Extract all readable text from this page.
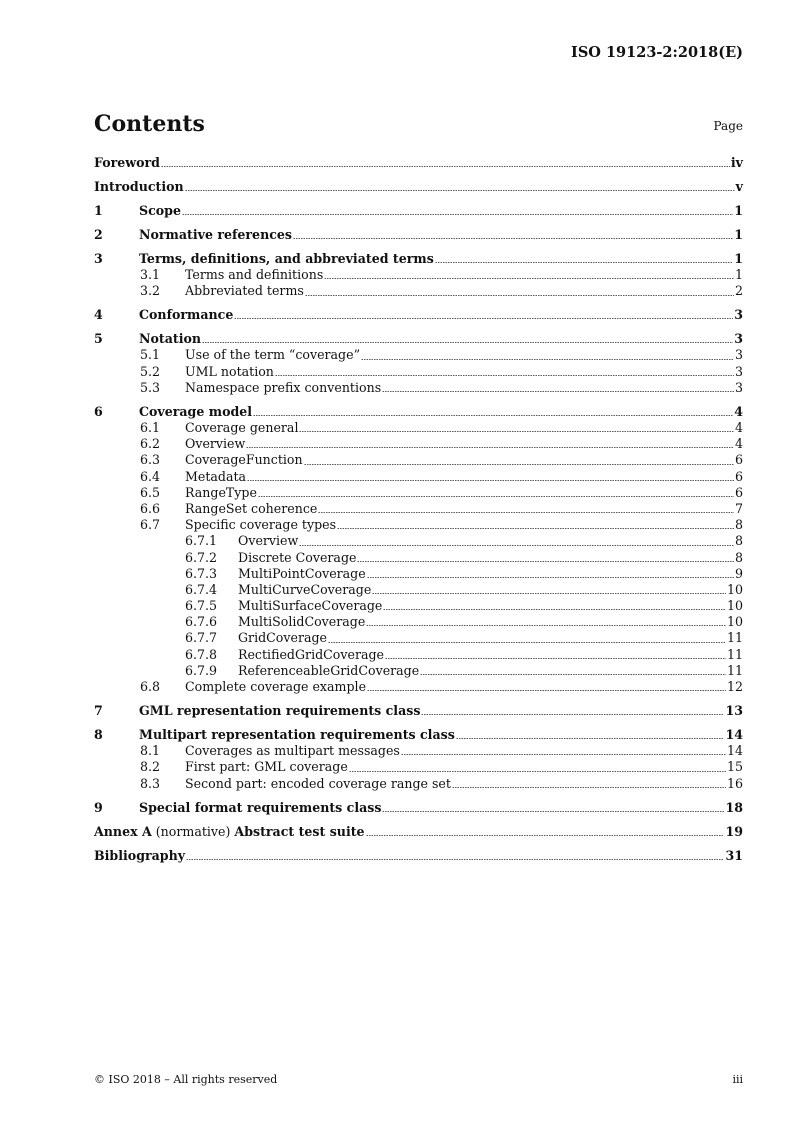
ISO 19123-2:2018(E)
Contents	Page
Foreword	iv
Introduction	v
1	Scope	1
2	Normative references	1
3	Terms, definitions, and abbreviated terms	1
3.1	Terms and definitions	1
3.2	Abbreviated terms	2
4	Conformance	3
5	Notation	3
5.1	Use of the term “coverage”	3
5.2	UML notation	3
5.3	Namespace prefix conventions	3
6	Coverage model	4
6.1	Coverage general	4
6.2	Overview	4
6.3	CoverageFunction	6
6.4	Metadata	6
6.5	RangeType	6
6.6	RangeSet coherence	7
6.7	Specific coverage types	8
6.7.1	Overview	8
6.7.2	Discrete Coverage	8
6.7.3	MultiPointCoverage	9
6.7.4	MultiCurveCoverage	10
6.7.5	MultiSurfaceCoverage	10
6.7.6	MultiSolidCoverage	10
6.7.7	GridCoverage	11
6.7.8	RectifiedGridCoverage	11
6.7.9	ReferenceableGridCoverage	11
6.8	Complete coverage example	12
7	GML representation requirements class	13
8	Multipart representation requirements class	14
8.1	Coverages as multipart messages	14
8.2	First part: GML coverage	15
8.3	Second part: encoded coverage range set	16
9	Special format requirements class	18
Annex A (normative) Abstract test suite	19
Bibliography	31
© ISO 2018 – All rights reserved	iii
